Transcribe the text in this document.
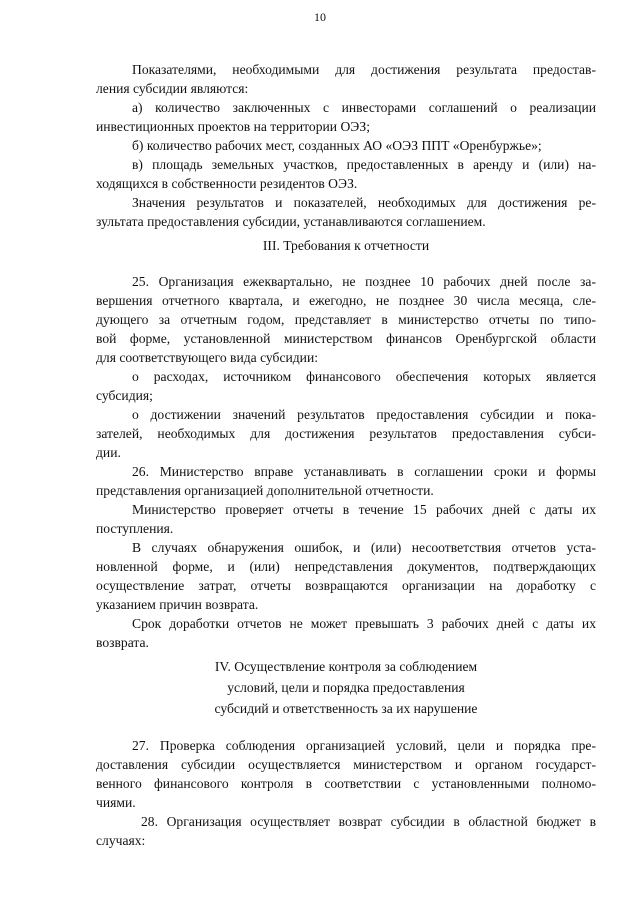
10
Показателями, необходимыми для достижения результата предостав-
ления субсидии являются:
а) количество заключенных с инвесторами соглашений о реализации
инвестиционных проектов на территории ОЭЗ;
б) количество рабочих мест, созданных АО «ОЭЗ ППТ «Оренбуржье»;
в) площадь земельных участков, предоставленных в аренду и (или) на-
ходящихся в собственности резидентов ОЭЗ.
Значения результатов и показателей, необходимых для достижения ре-
зультата предоставления субсидии, устанавливаются соглашением.
III. Требования к отчетности
25. Организация ежеквартально, не позднее 10 рабочих дней после за-
вершения отчетного квартала, и ежегодно, не позднее 30 числа месяца, сле-
дующего за отчетным годом, представляет в министерство отчеты по типо-
вой форме, установленной министерством финансов Оренбургской области
для соответствующего вида субсидии:
о расходах, источником финансового обеспечения которых является
субсидия;
о достижении значений результатов предоставления субсидии и пока-
зателей, необходимых для достижения результатов предоставления субси-
дии.
26. Министерство вправе устанавливать в соглашении сроки и формы
представления организацией дополнительной отчетности.
Министерство проверяет отчеты в течение 15 рабочих дней с даты их
поступления.
В случаях обнаружения ошибок, и (или) несоответствия отчетов уста-
новленной форме, и (или) непредставления документов, подтверждающих
осуществление затрат, отчеты возвращаются организации на доработку с
указанием причин возврата.
Срок доработки отчетов не может превышать 3 рабочих дней с даты их
возврата.
IV. Осуществление контроля за соблюдением
условий, цели и порядка предоставления
субсидий и ответственность за их нарушение
27. Проверка соблюдения организацией условий, цели и порядка пре-
доставления субсидии осуществляется министерством и органом государст-
венного финансового контроля в соответствии с установленными полномо-
чиями.
28. Организация осуществляет возврат субсидии в областной бюджет в
случаях:
